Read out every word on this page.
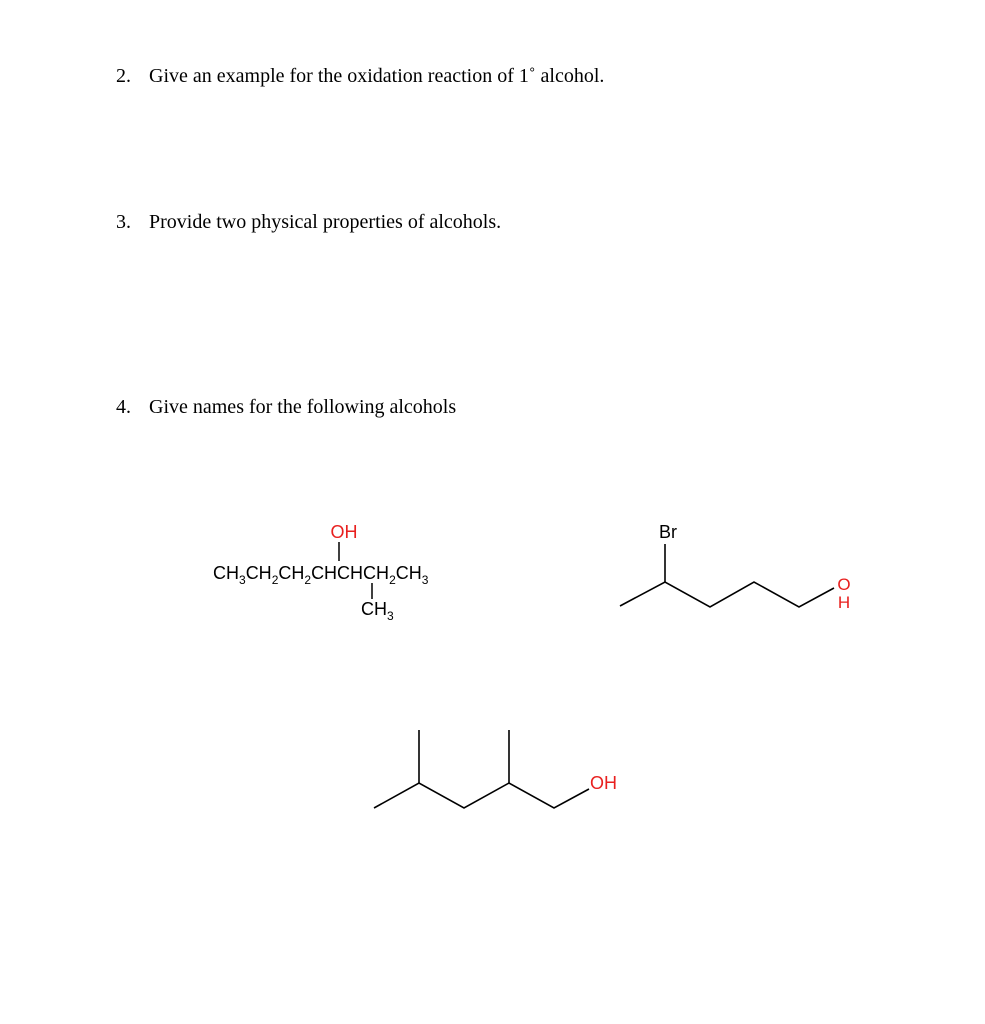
2. Give an example for the oxidation reaction of 1˚ alcohol.
3. Provide two physical properties of alcohols.
4. Give names for the following alcohols
OH
$CH_3CH_2CH_2CHCHCH_2CH_3$
$CH_3$
Br
O
H
OH
